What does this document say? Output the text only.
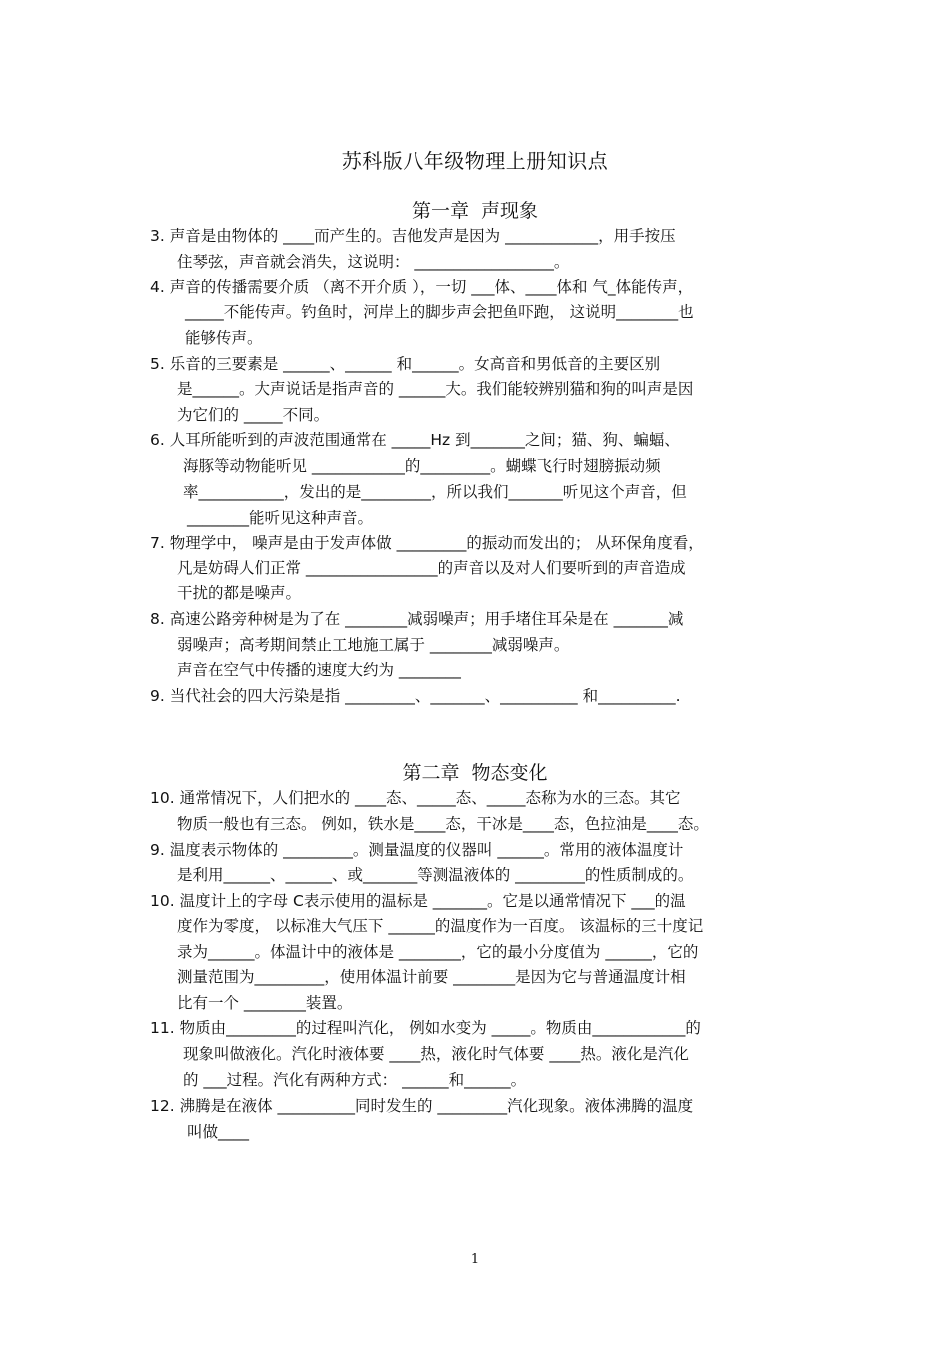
苏科版八年级物理上册知识点
第一章 声现象
3. 声音是由物体的 ____而产生的。吉他发声是因为 ____________，用手按压
住琴弦，声音就会消失，这说明： __________________。
4. 声音的传播需要介质 （离不开介质 ），一切 ___体、____体和 气_体能传声，
_____不能传声。钓鱼时，河岸上的脚步声会把鱼吓跑， 这说明________也
能够传声。
5. 乐音的三要素是 ______、______ 和______。女高音和男低音的主要区别
是______。大声说话是指声音的 ______大。我们能较辨别猫和狗的叫声是因
为它们的 _____不同。
6. 人耳所能听到的声波范围通常在 _____Hz 到_______之间；猫、狗、蝙蝠、
海豚等动物能听见 ____________的_________。蝴蝶飞行时翅膀振动频
率___________，发出的是_________，所以我们_______听见这个声音，但
________能听见这种声音。
7. 物理学中， 噪声是由于发声体做 _________的振动而发出的； 从环保角度看，
凡是妨碍人们正常 _________________的声音以及对人们要听到的声音造成
干扰的都是噪声。
8. 高速公路旁种树是为了在 ________减弱噪声；用手堵住耳朵是在 _______减
弱噪声；高考期间禁止工地施工属于 ________减弱噪声。
声音在空气中传播的速度大约为 ________
9. 当代社会的四大污染是指 _________、_______、__________ 和__________.
第二章 物态变化
10. 通常情况下，人们把水的 ____态、_____态、_____态称为水的三态。其它
物质一般也有三态。 例如，铁水是____态，干冰是____态，色拉油是____态。
9. 温度表示物体的 _________。测量温度的仪器叫 ______。常用的液体温度计
是利用______、______、或_______等测温液体的 _________的性质制成的。
10. 温度计上的字母 C表示使用的温标是 _______。它是以通常情况下 ___的温
度作为零度， 以标准大气压下 ______的温度作为一百度。 该温标的三十度记
录为______。体温计中的液体是 ________，它的最小分度值为 ______，它的
测量范围为_________，使用体温计前要 ________是因为它与普通温度计相
比有一个 ________装置。
11. 物质由_________的过程叫汽化， 例如水变为 _____。物质由____________的
现象叫做液化。汽化时液体要 ____热，液化时气体要 ____热。液化是汽化
的 ___过程。汽化有两种方式： ______和______。
12. 沸腾是在液体 __________同时发生的 _________汽化现象。液体沸腾的温度
叫做____
1
